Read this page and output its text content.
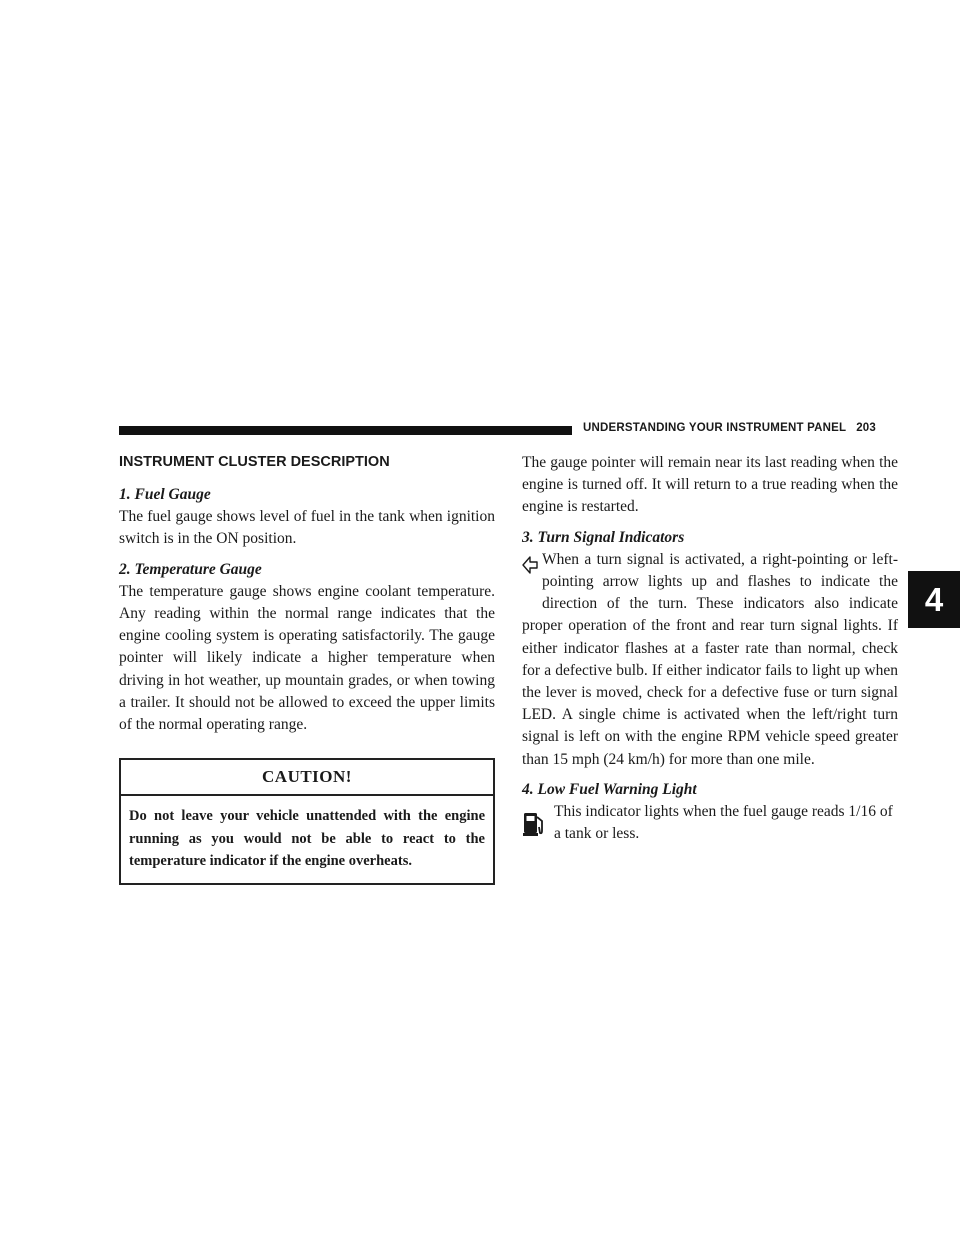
UNDERSTANDING YOUR INSTRUMENT PANEL 203
4
INSTRUMENT CLUSTER DESCRIPTION
1. Fuel Gauge

The fuel gauge shows level of fuel in the tank when ignition switch is in the ON position.

2. Temperature Gauge

The temperature gauge shows engine coolant temperature. Any reading within the normal range indicates that the engine cooling system is operating satisfactorily. The gauge pointer will likely indicate a higher temperature when driving in hot weather, up mountain grades, or when towing a trailer. It should not be allowed to exceed the upper limits of the normal operating range.

CAUTION!
Do not leave your vehicle unattended with the engine running as you would not be able to react to the temperature indicator if the engine overheats.

The gauge pointer will remain near its last reading when the engine is turned off. It will return to a true reading when the engine is restarted.

3. Turn Signal Indicators

When a turn signal is activated, a right-pointing or left-pointing arrow lights up and flashes to indicate the direction of the turn. These indicators also indicate proper operation of the front and rear turn signal lights. If either indicator flashes at a faster rate than normal, check for a defective bulb. If either indicator fails to light up when the lever is moved, check for a defective fuse or turn signal LED. A single chime is activated when the left/right turn signal is left on with the engine RPM vehicle speed greater than 15 mph (24 km/h) for more than one mile.

4. Low Fuel Warning Light

This indicator lights when the fuel gauge reads 1/16 of a tank or less.
